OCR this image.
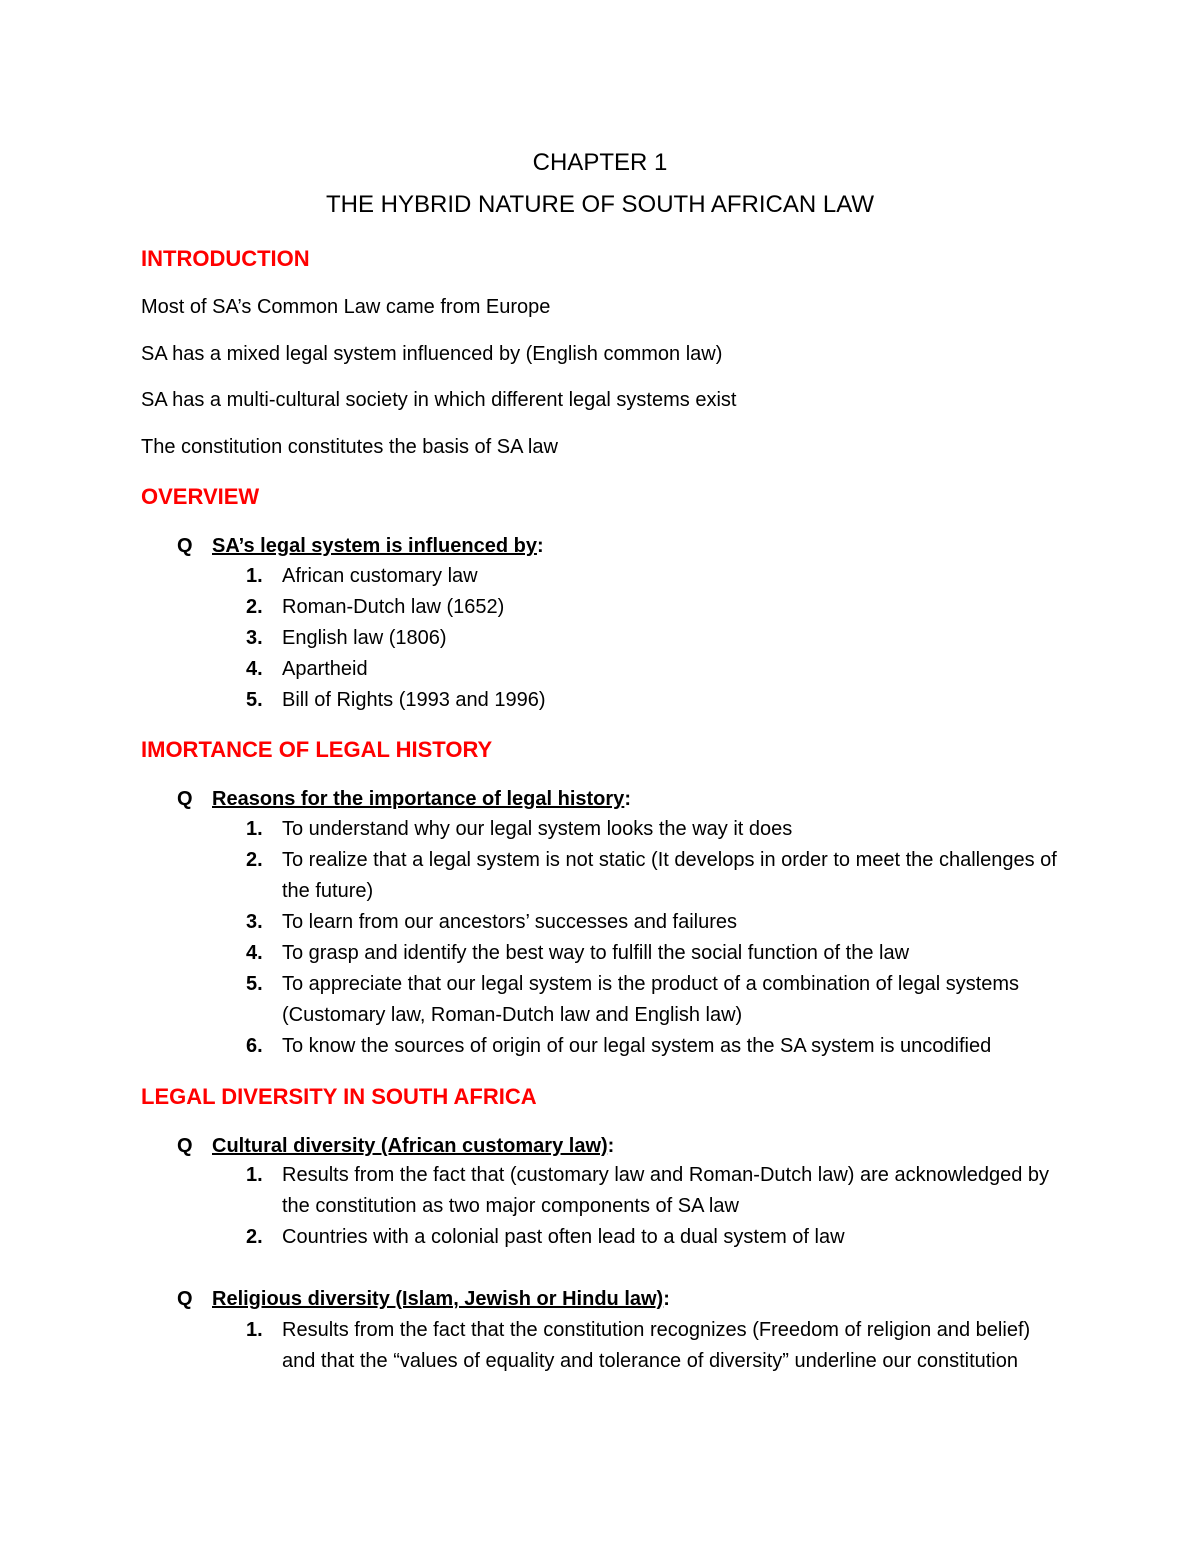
CHAPTER 1
THE HYBRID NATURE OF SOUTH AFRICAN LAW
INTRODUCTION
Most of SA’s Common Law came from Europe
SA has a mixed legal system influenced by (English common law)
SA has a multi-cultural society in which different legal systems exist
The constitution constitutes the basis of SA law
OVERVIEW
Q SA’s legal system is influenced by:
1. African customary law
2. Roman-Dutch law (1652)
3. English law (1806)
4. Apartheid
5. Bill of Rights (1993 and 1996)
IMORTANCE OF LEGAL HISTORY
Q Reasons for the importance of legal history:
1. To understand why our legal system looks the way it does
2. To realize that a legal system is not static (It develops in order to meet the challenges of the future)
3. To learn from our ancestors’ successes and failures
4. To grasp and identify the best way to fulfill the social function of the law
5. To appreciate that our legal system is the product of a combination of legal systems (Customary law, Roman-Dutch law and English law)
6. To know the sources of origin of our legal system as the SA system is uncodified
LEGAL DIVERSITY IN SOUTH AFRICA
Q Cultural diversity (African customary law):
1. Results from the fact that (customary law and Roman-Dutch law) are acknowledged by the constitution as two major components of SA law
2. Countries with a colonial past often lead to a dual system of law
Q Religious diversity (Islam, Jewish or Hindu law):
1. Results from the fact that the constitution recognizes (Freedom of religion and belief) and that the “values of equality and tolerance of diversity” underline our constitution
